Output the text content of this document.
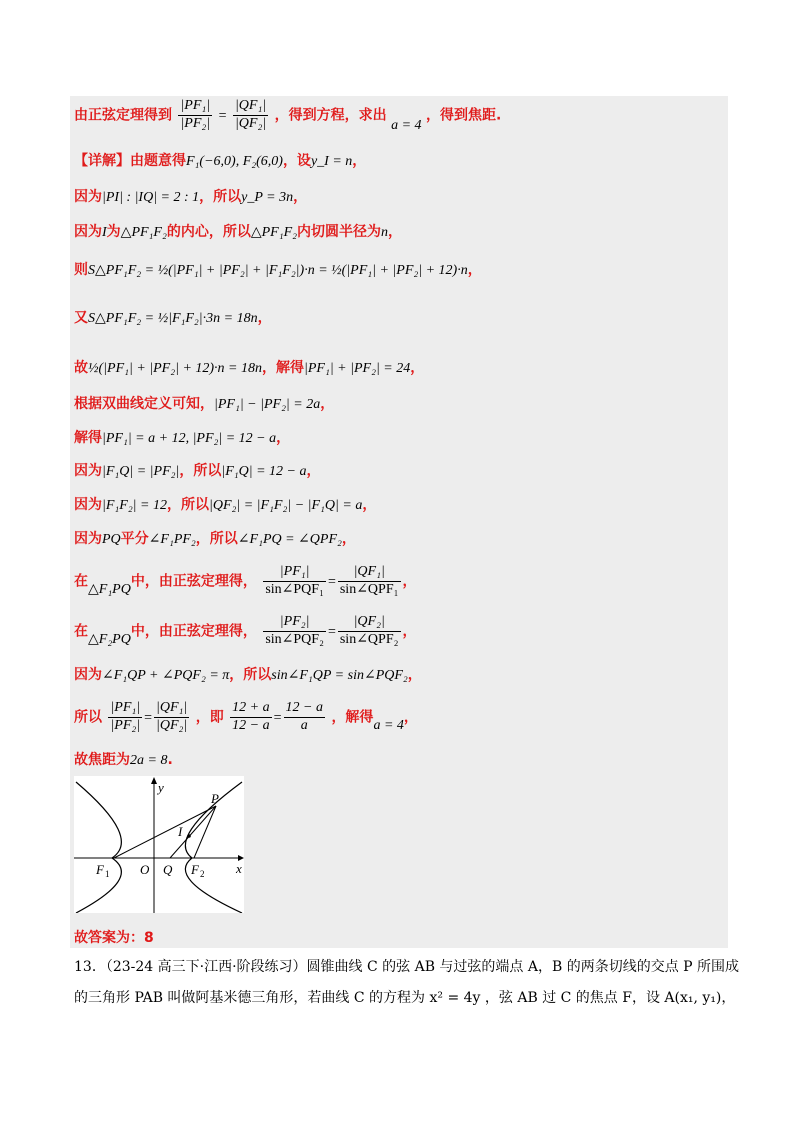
由正弦定理得到 $\frac{\text{|PF₁|}}{\text{|PF₂|}} = \frac{\text{|QF₁|}}{\text{|QF₂|}}$ ，得到方程，求出 a = 4 ，得到焦距.
【详解】由题意得F₁(−6,0), F₂(6,0)，设y_I = n，
因为|PI| : |IQ| = 2 : 1，所以y_P = 3n，
因为I为△PF₁F₂的内心，所以△PF₁F₂内切圆半径为n，
则S△PF₁F₂ = ½(|PF₁| + |PF₂| + |F₁F₂|)·n = ½(|PF₁| + |PF₂| + 12)·n，
又S△PF₁F₂ = ½|F₁F₂|·3n = 18n，
故½(|PF₁| + |PF₂| + 12)·n = 18n，解得|PF₁| + |PF₂| = 24，
根据双曲线定义可知，|PF₁| − |PF₂| = 2a，
解得|PF₁| = a + 12, |PF₂| = 12 − a，
因为|F₁Q| = |PF₂|，所以|F₁Q| = 12 − a，
因为|F₁F₂| = 12，所以|QF₂| = |F₁F₂| − |F₁Q| = a，
因为PQ平分∠F₁PF₂，所以∠F₁PQ = ∠QPF₂，
在△F₁PQ中，由正弦定理得， $\frac{\text{|PF₁|}}{\text{sin∠PQF₁}} = \frac{\text{|QF₁|}}{\text{sin∠QPF₁}}$ ，
在△F₂PQ中，由正弦定理得， $\frac{\text{|PF₂|}}{\text{sin∠PQF₂}} = \frac{\text{|QF₂|}}{\text{sin∠QPF₂}}$ ，
因为∠F₁QP + ∠PQF₂ = π，所以sin∠F₁QP = sin∠PQF₂，
所以 $\frac{\text{|PF₁|}}{\text{|PF₂|}} = \frac{\text{|QF₁|}}{\text{|QF₂|}}$ ，即 $\frac{12 + a}{12 - a} = \frac{12 - a}{a}$ ，解得a = 4，
故焦距为2a = 8.
y
x
P
I
F 1 O Q F 2
故答案为：8
13．（23-24 高三下·江西·阶段练习）圆锥曲线 C 的弦 AB 与过弦的端点 A，B 的两条切线的交点 P 所围成
的三角形 PAB 叫做阿基米德三角形，若曲线 C 的方程为 x² = 4y ，弦 AB 过 C 的焦点 F，设 A(x₁, y₁)，
